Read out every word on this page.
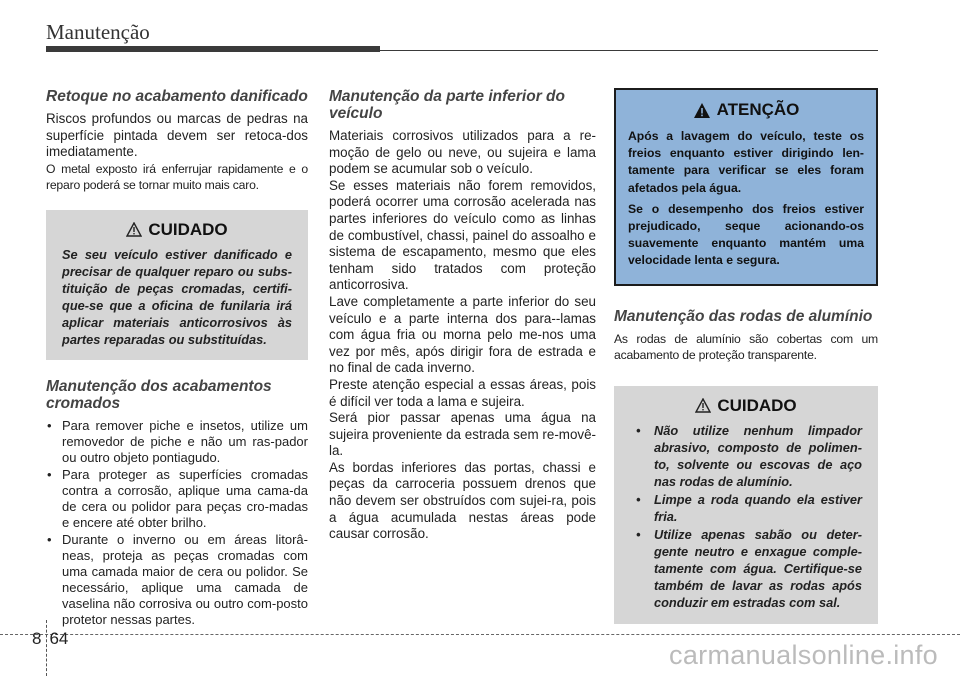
Manutenção
Retoque no acabamento danificado

Riscos profundos ou marcas de pedras na superfície pintada devem ser retoca-dos imediatamente.

O metal exposto irá enferrujar rapidamente e o reparo poderá se tornar muito mais caro.

CUIDADO

Se seu veículo estiver danificado e precisar de qualquer reparo ou subs-tituição de peças cromadas, certifi-que-se que a oficina de funilaria irá aplicar materiais anticorrosivos às partes reparadas ou substituídas.

Manutenção dos acabamentos cromados
• Para remover piche e insetos, utilize um removedor de piche e não um ras-pador ou outro objeto pontiagudo.
• Para proteger as superfícies cromadas contra a corrosão, aplique uma cama-da de cera ou polidor para peças cro-madas e encere até obter brilho.
• Durante o inverno ou em áreas litorâ-neas, proteja as peças cromadas com uma camada maior de cera ou polidor. Se necessário, aplique uma camada de vaselina não corrosiva ou outro com-posto protetor nessas partes.
Manutenção da parte inferior do veículo

Materiais corrosivos utilizados para a re-moção de gelo ou neve, ou sujeira e lama podem se acumular sob o veículo.

Se esses materiais não forem removidos, poderá ocorrer uma corrosão acelerada nas partes inferiores do veículo como as linhas de combustível, chassi, painel do assoalho e sistema de escapamento, mesmo que eles tenham sido tratados com proteção anticorrosiva.

Lave completamente a parte inferior do seu veículo e a parte interna dos para--lamas com água fria ou morna pelo me-nos uma vez por mês, após dirigir fora de estrada e no final de cada inverno.

Preste atenção especial a essas áreas, pois é difícil ver toda a lama e sujeira.

Será pior passar apenas uma água na sujeira proveniente da estrada sem re-movê-la.

As bordas inferiores das portas, chassi e peças da carroceria possuem drenos que não devem ser obstruídos com sujei-ra, pois a água acumulada nestas áreas pode causar corrosão.

ATENÇÃO

Após a lavagem do veículo, teste os freios enquanto estiver dirigindo len-tamente para verificar se eles foram afetados pela água.

Se o desempenho dos freios estiver prejudicado, seque acionando-os suavemente enquanto mantém uma velocidade lenta e segura.

Manutenção das rodas de alumínio

As rodas de alumínio são cobertas com um acabamento de proteção transparente.

CUIDADO
• Não utilize nenhum limpador abrasivo, composto de polimen-to, solvente ou escovas de aço nas rodas de alumínio.
• Limpe a roda quando ela estiver fria.
• Utilize apenas sabão ou deter-gente neutro e enxague comple-tamente com água. Certifique-se também de lavar as rodas após conduzir em estradas com sal.
8 64
carmanualsonline.info
